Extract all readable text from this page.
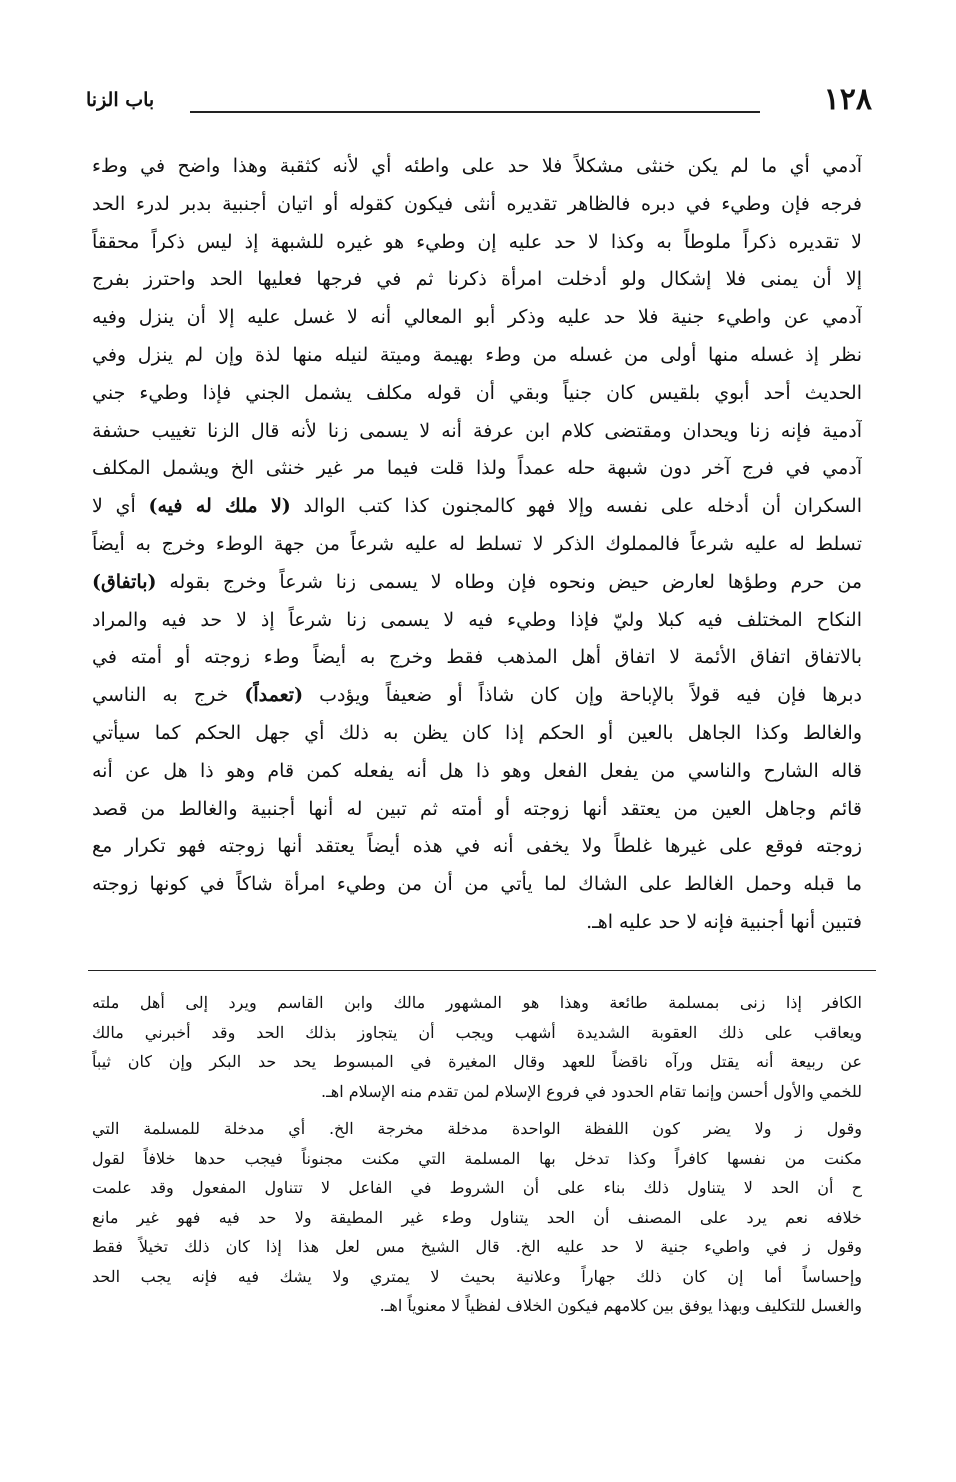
١٢٨
باب الزنا
آدمي أي ما لم يكن خنثى مشكلاً فلا حد على واطئه أي لأنه كثقبة وهذا واضح في وطء
فرجه فإن وطيء في دبره فالظاهر تقديره أنثى فيكون كقوله أو اتيان أجنبية بدبر لدرء الحد
لا تقديره ذكراً ملوطاً به وكذا لا حد عليه إن وطيء هو غيره للشبهة إذ ليس ذكراً محققاً
إلا أن يمنى فلا إشكال ولو أدخلت امرأة ذكرنا ثم في فرجها فعليها الحد واحترز بفرج
آدمي عن واطيء جنية فلا حد عليه وذكر أبو المعالي أنه لا غسل عليه إلا أن ينزل وفيه
نظر إذ غسله منها أولى من غسله من وطء بهيمة وميتة لنيله منها لذة وإن لم ينزل وفي
الحديث أحد أبوي بلقيس كان جنياً وبقي أن قوله مكلف يشمل الجني فإذا وطيء جني
آدمية فإنه زنا ويحدان ومقتضى كلام ابن عرفة أنه لا يسمى زنا لأنه قال الزنا تغييب حشفة
آدمي في فرج آخر دون شبهة حله عمداً ولذا قلت فيما مر غير خنثى الخ ويشمل المكلف
السكران أن أدخله على نفسه وإلا فهو كالمجنون كذا كتب الوالد (لا ملك له فيه) أي لا
تسلط له عليه شرعاً فالمملوك الذكر لا تسلط له عليه شرعاً من جهة الوطء وخرج به أيضاً
من حرم وطؤها لعارض حيض ونحوه فإن وطاه لا يسمى زنا شرعاً وخرج بقوله (باتفاق)
النكاح المختلف فيه كبلا وليّ فإذا وطيء فيه لا يسمى زنا شرعاً إذ لا حد فيه والمراد
بالاتفاق اتفاق الأئمة لا اتفاق أهل المذهب فقط وخرج به أيضاً وطء زوجته أو أمته في
دبرها فإن فيه قولاً بالإباحة وإن كان شاذاً أو ضعيفاً ويؤدب (تعمداً) خرج به الناسي
والغالط وكذا الجاهل بالعين أو الحكم إذا كان يظن به ذلك أي جهل الحكم كما سيأتي
قاله الشارح والناسي من يفعل الفعل وهو ذا هل أنه يفعله كمن قام وهو ذا هل عن أنه
قائم وجاهل العين من يعتقد أنها زوجته أو أمته ثم تبين له أنها أجنبية والغالط من قصد
زوجته فوقع على غيرها غلطاً ولا يخفى أنه في هذه أيضاً يعتقد أنها زوجته فهو تكرار مع
ما قبله وحمل الغالط على الشاك لما يأتي من أن من وطيء امرأة شاكاً في كونها زوجته
فتبين أنها أجنبية فإنه لا حد عليه اهـ.
الكافر إذا زنى بمسلمة طائعة وهذا هو المشهور مالك وابن القاسم ويرد إلى أهل ملته
ويعاقب على ذلك العقوبة الشديدة أشهب ويجب أن يتجاوز بذلك الحد وقد أخبرني مالك
عن ربيعة أنه يقتل ورآه ناقضاً للعهد وقال المغيرة في المبسوط يحد حد البكر وإن كان ثيباً
للخمي والأول أحسن وإنما تقام الحدود في فروع الإسلام لمن تقدم منه الإسلام اهـ.
وقول ز ولا يضر كون اللفظة الواحدة مدخلة مخرجة الخ. أي مدخلة للمسلمة التي
مكنت من نفسها كافراً وكذا تدخل بها المسلمة التي مكنت مجنوناً فيجب حدها خلافاً لقول
ح أن الحد لا يتناول ذلك بناء على أن الشروط في الفاعل لا تتناول المفعول وقد علمت
خلافه نعم يرد على المصنف أن الحد يتناول وطء غير المطيقة ولا حد فيه فهو غير مانع
وقول ز في واطيء جنية لا حد عليه الخ. قال الشيخ مس لعل هذا إذا كان ذلك تخيلاً فقط
وإحساساً أما إن كان ذلك جهاراً وعلانية بحيث لا يمتري ولا يشك فيه فإنه يجب الحد
والغسل للتكليف وبهذا يوفق بين كلامهم فيكون الخلاف لفظياً لا معنوياً اهـ.
